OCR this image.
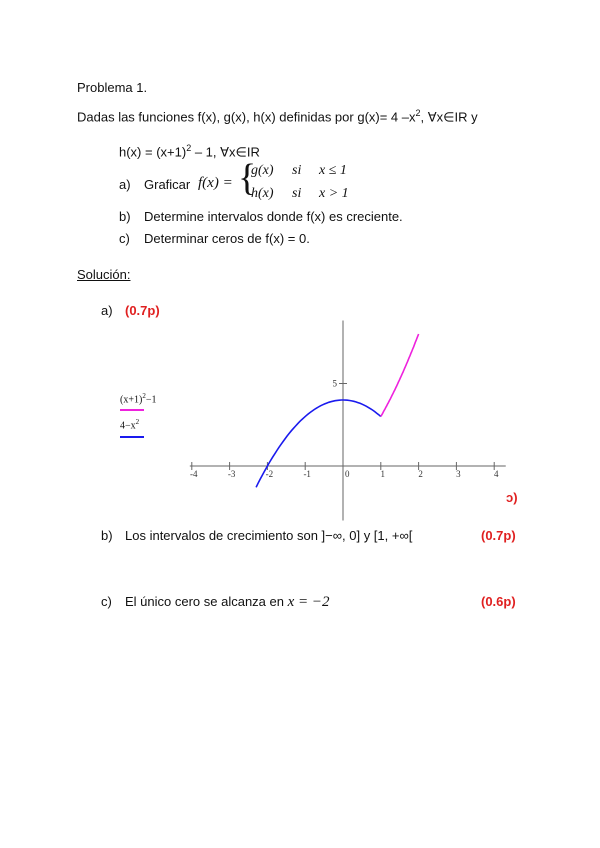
Problema 1.
Dadas las funciones f(x), g(x), h(x) definidas por g(x)= 4 $-x^2$, ∀x∈IR y
$h(x) = (x+1)^2 - 1$, ∀x∈IR
a) Graficar f(x) = {
g(x) si x ≤ 1
h(x) si x > 1
b) Determine intervalos donde f(x) es creciente.
c) Determinar ceros de f(x) = 0.
Solución:
a) (0.7p)
$(x+1)^2-1$
$4-x^2$
-4	-3	-2	-1	0	1	2	3	4
5
ɔ)
b) Los intervalos de crecimiento son ]−∞, 0] y [1, +∞[	(0.7p)
c) El único cero se alcanza en x = −2	(0.6p)
